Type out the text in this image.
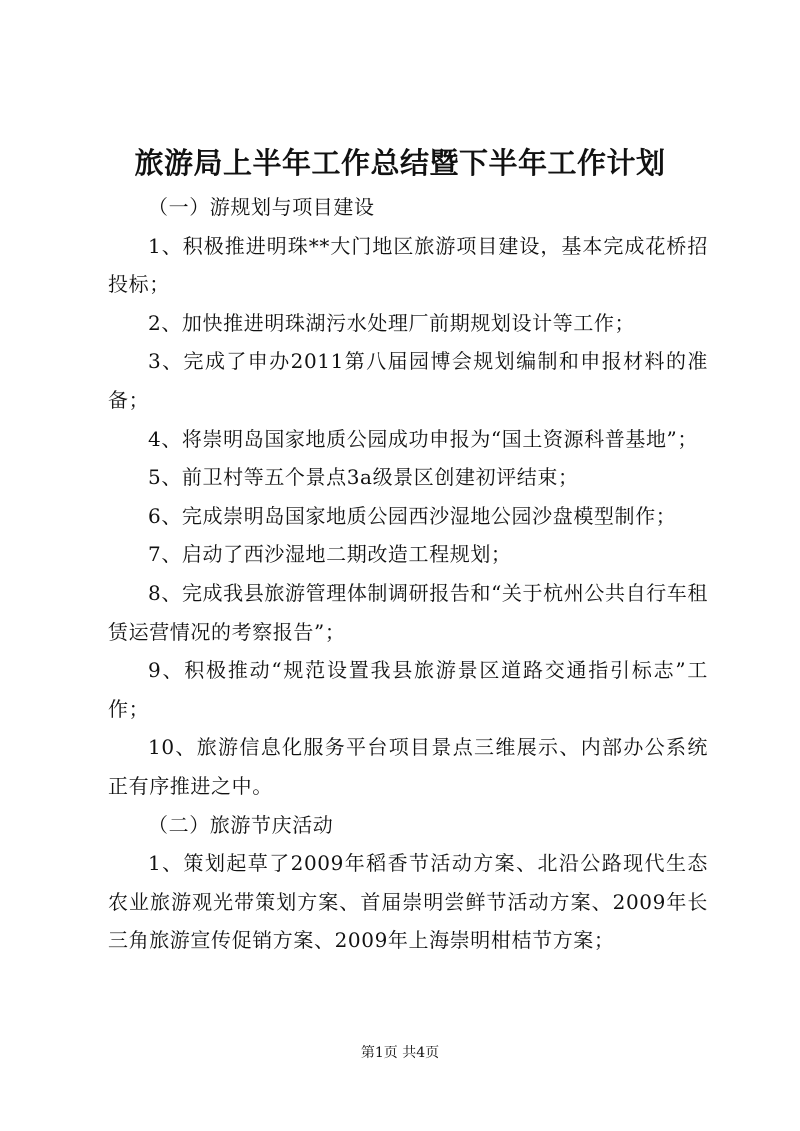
旅游局上半年工作总结暨下半年工作计划

（一）游规划与项目建设

1、积极推进明珠**大门地区旅游项目建设，基本完成花桥招投标；

2、加快推进明珠湖污水处理厂前期规划设计等工作；

3、完成了申办2011第八届园博会规划编制和申报材料的准备；

4、将崇明岛国家地质公园成功申报为“国土资源科普基地”；

5、前卫村等五个景点3a级景区创建初评结束；

6、完成崇明岛国家地质公园西沙湿地公园沙盘模型制作；

7、启动了西沙湿地二期改造工程规划；

8、完成我县旅游管理体制调研报告和“关于杭州公共自行车租赁运营情况的考察报告”；

9、积极推动“规范设置我县旅游景区道路交通指引标志”工作；

10、旅游信息化服务平台项目景点三维展示、内部办公系统正有序推进之中。

（二）旅游节庆活动

1、策划起草了2009年稻香节活动方案、北沿公路现代生态农业旅游观光带策划方案、首届崇明尝鲜节活动方案、2009年长三角旅游宣传促销方案、2009年上海崇明柑桔节方案；

第1页 共4页
